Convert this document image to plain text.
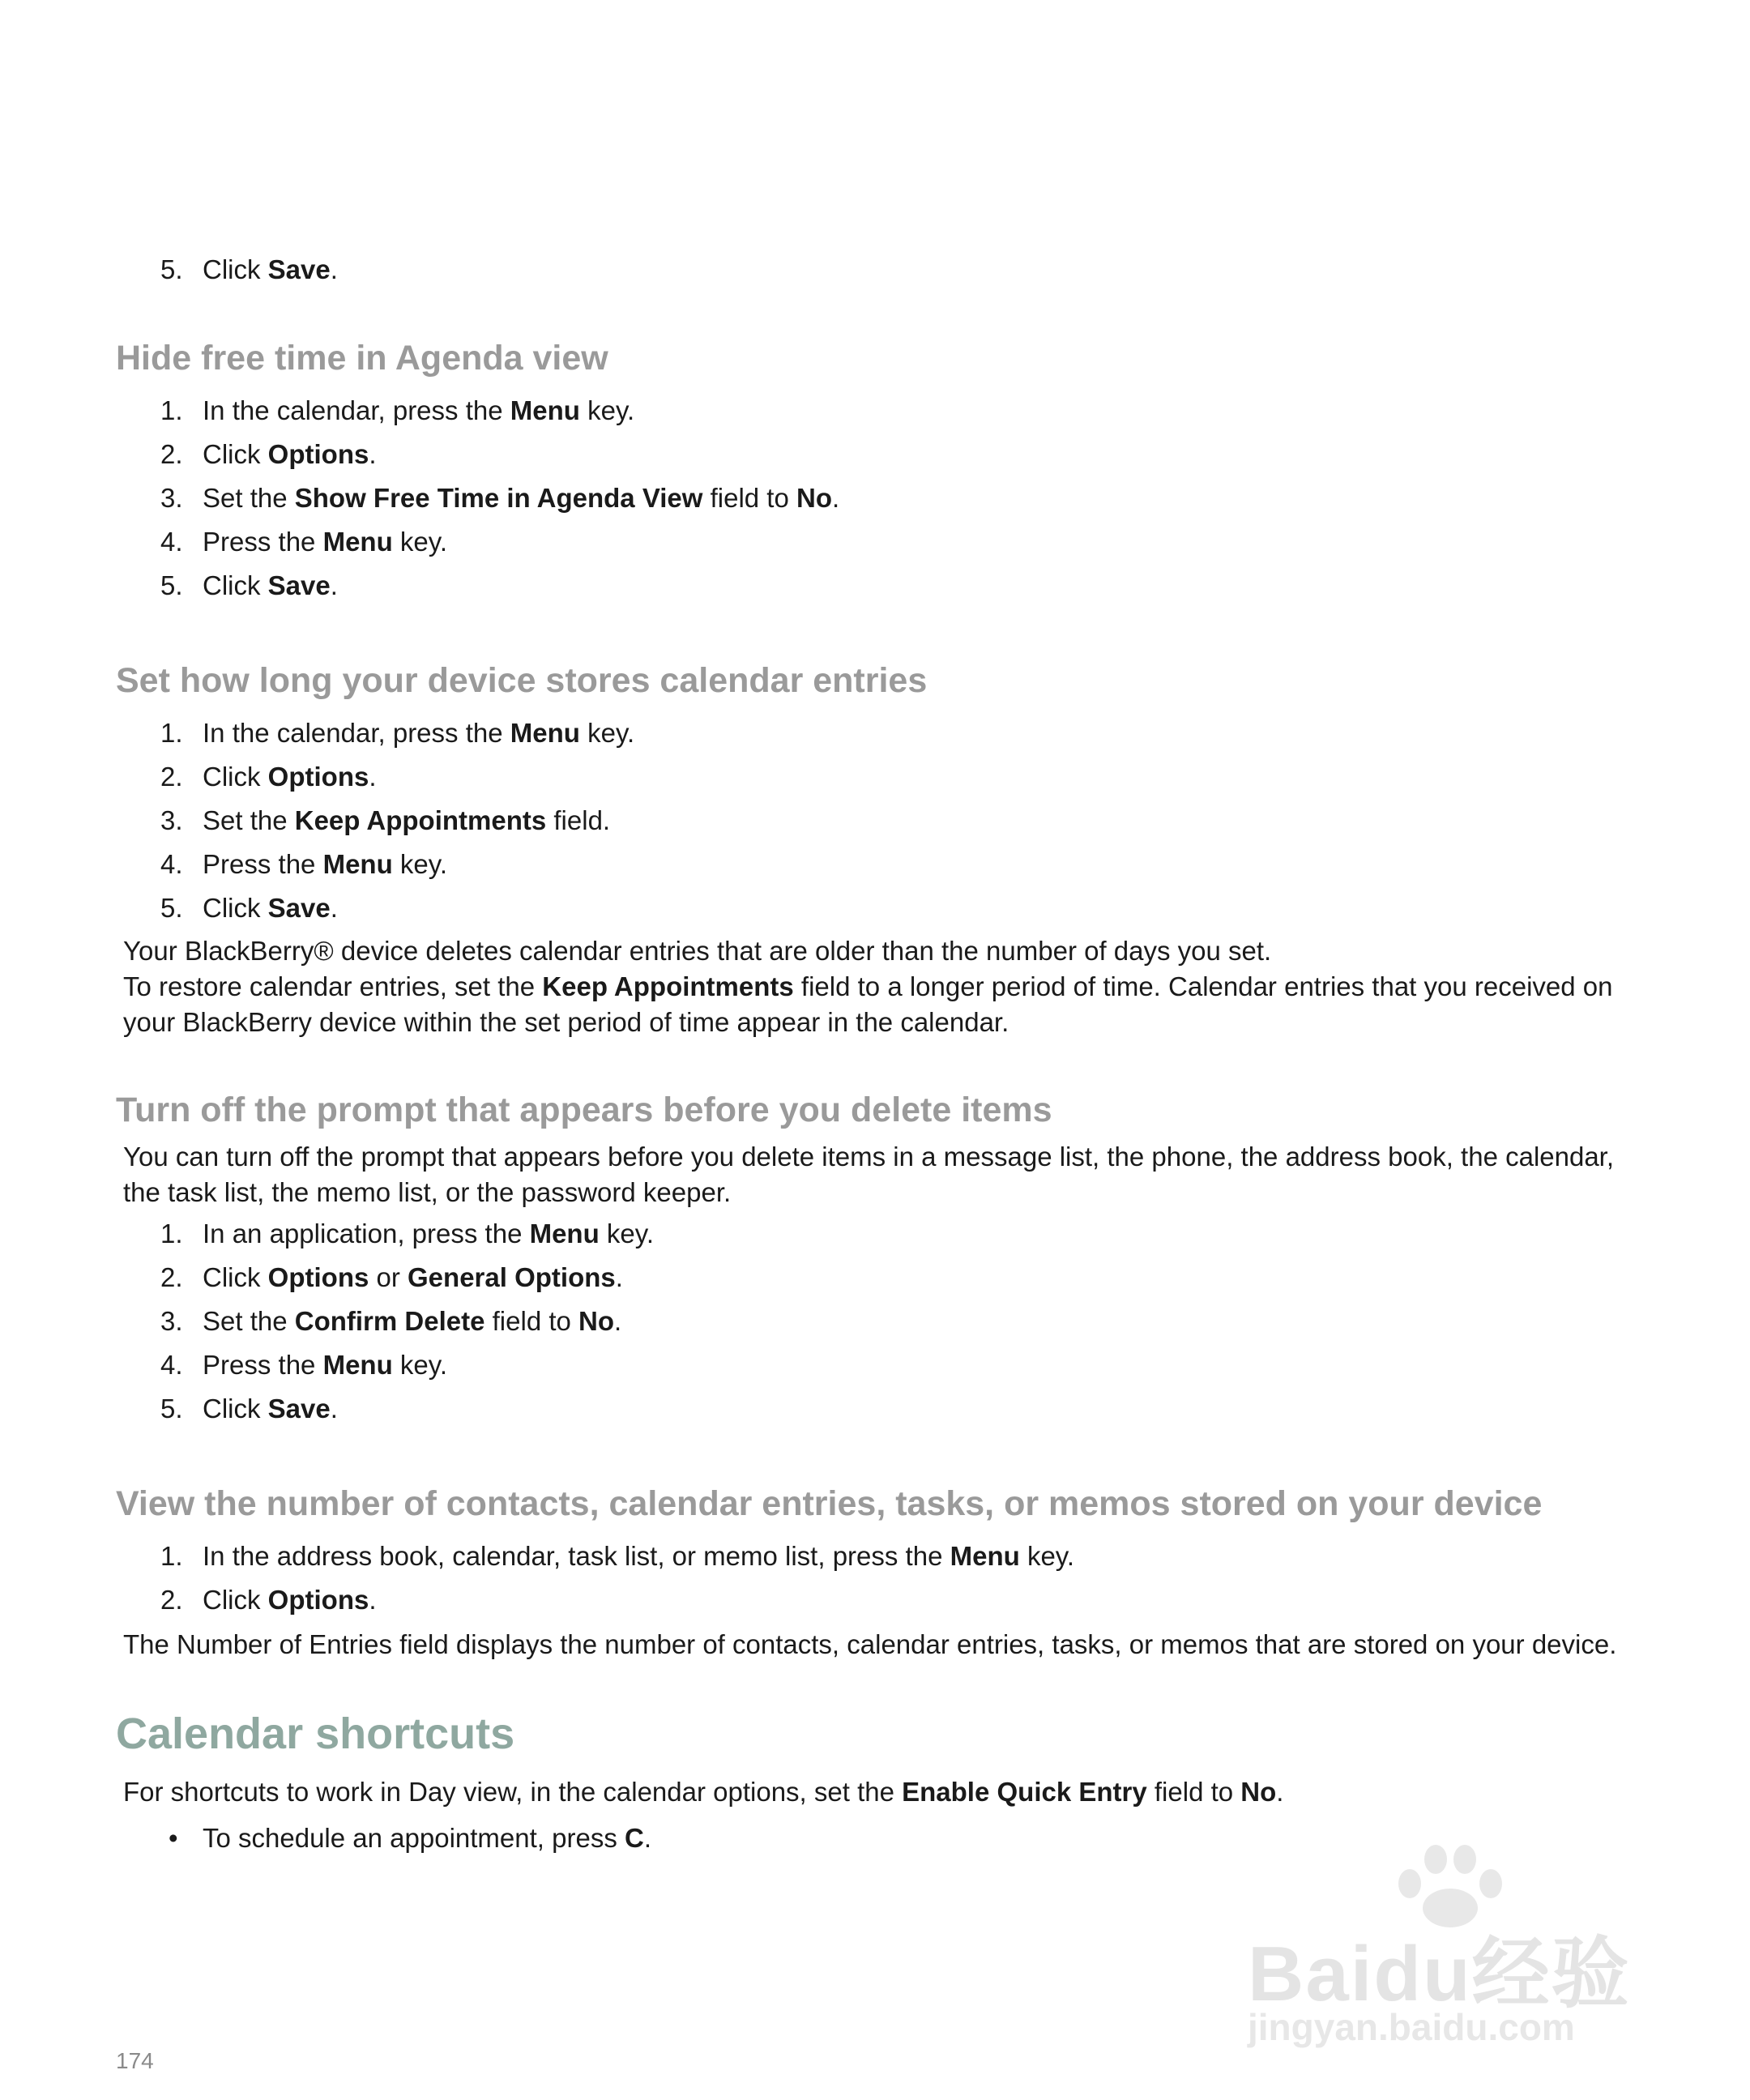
5. Click Save.
Hide free time in Agenda view
1. In the calendar, press the Menu key.
2. Click Options.
3. Set the Show Free Time in Agenda View field to No.
4. Press the Menu key.
5. Click Save.
Set how long your device stores calendar entries
1. In the calendar, press the Menu key.
2. Click Options.
3. Set the Keep Appointments field.
4. Press the Menu key.
5. Click Save.

Your BlackBerry® device deletes calendar entries that are older than the number of days you set.

To restore calendar entries, set the Keep Appointments field to a longer period of time. Calendar entries that you received on your BlackBerry device within the set period of time appear in the calendar.

Turn off the prompt that appears before you delete items

You can turn off the prompt that appears before you delete items in a message list, the phone, the address book, the calendar, the task list, the memo list, or the password keeper.

1. In an application, press the Menu key.
2. Click Options or General Options.
3. Set the Confirm Delete field to No.
4. Press the Menu key.
5. Click Save.
View the number of contacts, calendar entries, tasks, or memos stored on your device
1. In the address book, calendar, task list, or memo list, press the Menu key.
2. Click Options.

The Number of Entries field displays the number of contacts, calendar entries, tasks, or memos that are stored on your device.

Calendar shortcuts

For shortcuts to work in Day view, in the calendar options, set the Enable Quick Entry field to No.

• To schedule an appointment, press C.
Baidu经验
jingyan.baidu.com
174
